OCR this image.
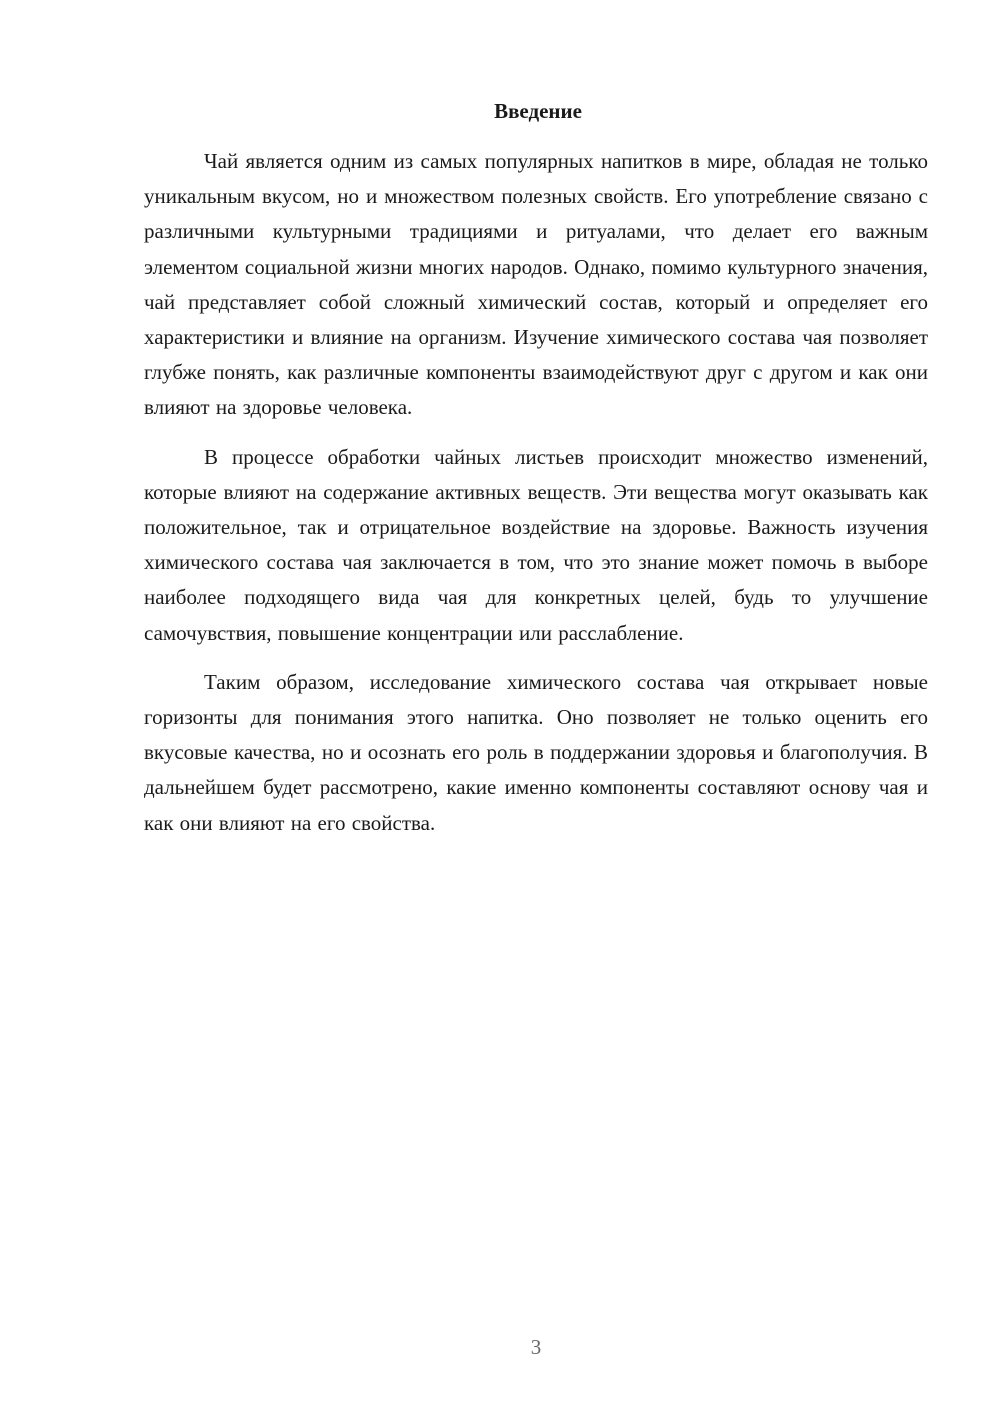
Введение

Чай является одним из самых популярных напитков в мире, обладая не только уникальным вкусом, но и множеством полезных свойств. Его употребление связано с различными культурными традициями и ритуалами, что делает его важным элементом социальной жизни многих народов. Однако, помимо культурного значения, чай представляет собой сложный химический состав, который и определяет его характеристики и влияние на организм. Изучение химического состава чая позволяет глубже понять, как различные компоненты взаимодействуют друг с другом и как они влияют на здоровье человека.

В процессе обработки чайных листьев происходит множество изменений, которые влияют на содержание активных веществ. Эти вещества могут оказывать как положительное, так и отрицательное воздействие на здоровье. Важность изучения химического состава чая заключается в том, что это знание может помочь в выборе наиболее подходящего вида чая для конкретных целей, будь то улучшение самочувствия, повышение концентрации или расслабление.

Таким образом, исследование химического состава чая открывает новые горизонты для понимания этого напитка. Оно позволяет не только оценить его вкусовые качества, но и осознать его роль в поддержании здоровья и благополучия. В дальнейшем будет рассмотрено, какие именно компоненты составляют основу чая и как они влияют на его свойства.

3
